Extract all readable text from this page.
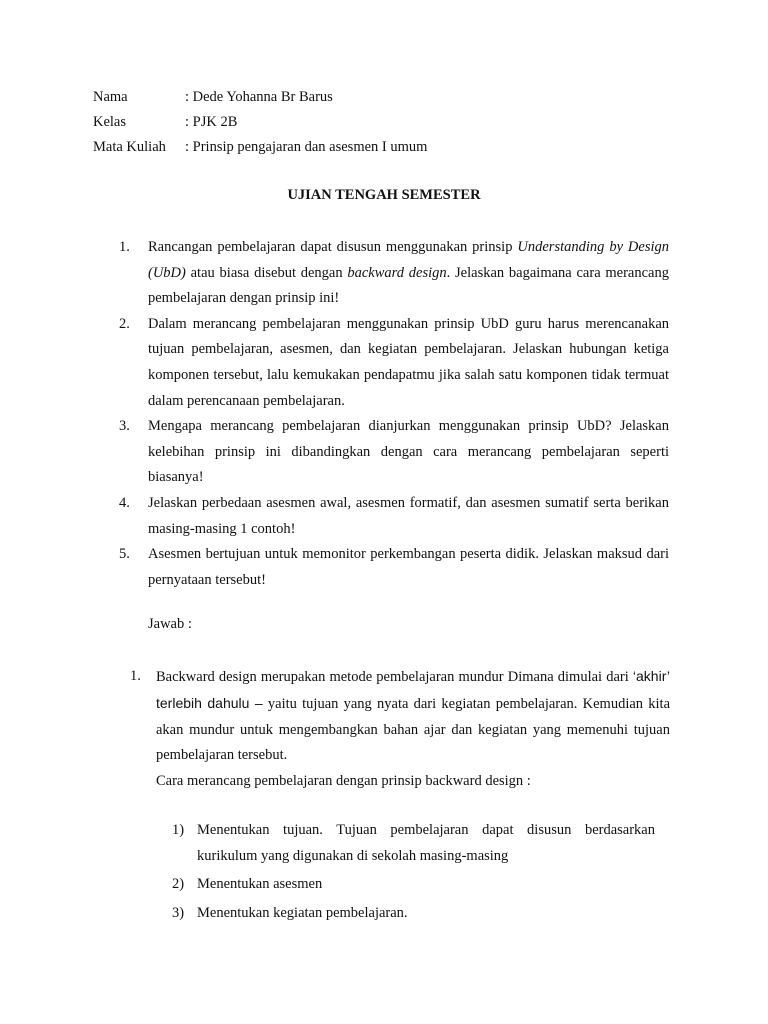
Nama	: Dede Yohanna Br Barus
Kelas	: PJK 2B
Mata Kuliah	: Prinsip pengajaran dan asesmen I umum
UJIAN TENGAH SEMESTER
1.	Rancangan pembelajaran dapat disusun menggunakan prinsip Understanding by Design (UbD) atau biasa disebut dengan backward design. Jelaskan bagaimana cara merancang pembelajaran dengan prinsip ini!
2.	Dalam merancang pembelajaran menggunakan prinsip UbD guru harus merencanakan tujuan pembelajaran, asesmen, dan kegiatan pembelajaran. Jelaskan hubungan ketiga komponen tersebut, lalu kemukakan pendapatmu jika salah satu komponen tidak termuat dalam perencanaan pembelajaran.
3.	Mengapa merancang pembelajaran dianjurkan menggunakan prinsip UbD? Jelaskan kelebihan prinsip ini dibandingkan dengan cara merancang pembelajaran seperti biasanya!
4.	Jelaskan perbedaan asesmen awal, asesmen formatif, dan asesmen sumatif serta berikan masing-masing 1 contoh!
5.	Asesmen bertujuan untuk memonitor perkembangan peserta didik. Jelaskan maksud dari pernyataan tersebut!
Jawab :
1.	Backward design merupakan metode pembelajaran mundur Dimana dimulai dari ‘akhir’ terlebih dahulu – yaitu tujuan yang nyata dari kegiatan pembelajaran. Kemudian kita akan mundur untuk mengembangkan bahan ajar dan kegiatan yang memenuhi tujuan pembelajaran tersebut.
Cara merancang pembelajaran dengan prinsip backward design :
1) Menentukan tujuan. Tujuan pembelajaran dapat disusun berdasarkan kurikulum yang digunakan di sekolah masing-masing
2) Menentukan asesmen
3) Menentukan kegiatan pembelajaran.
